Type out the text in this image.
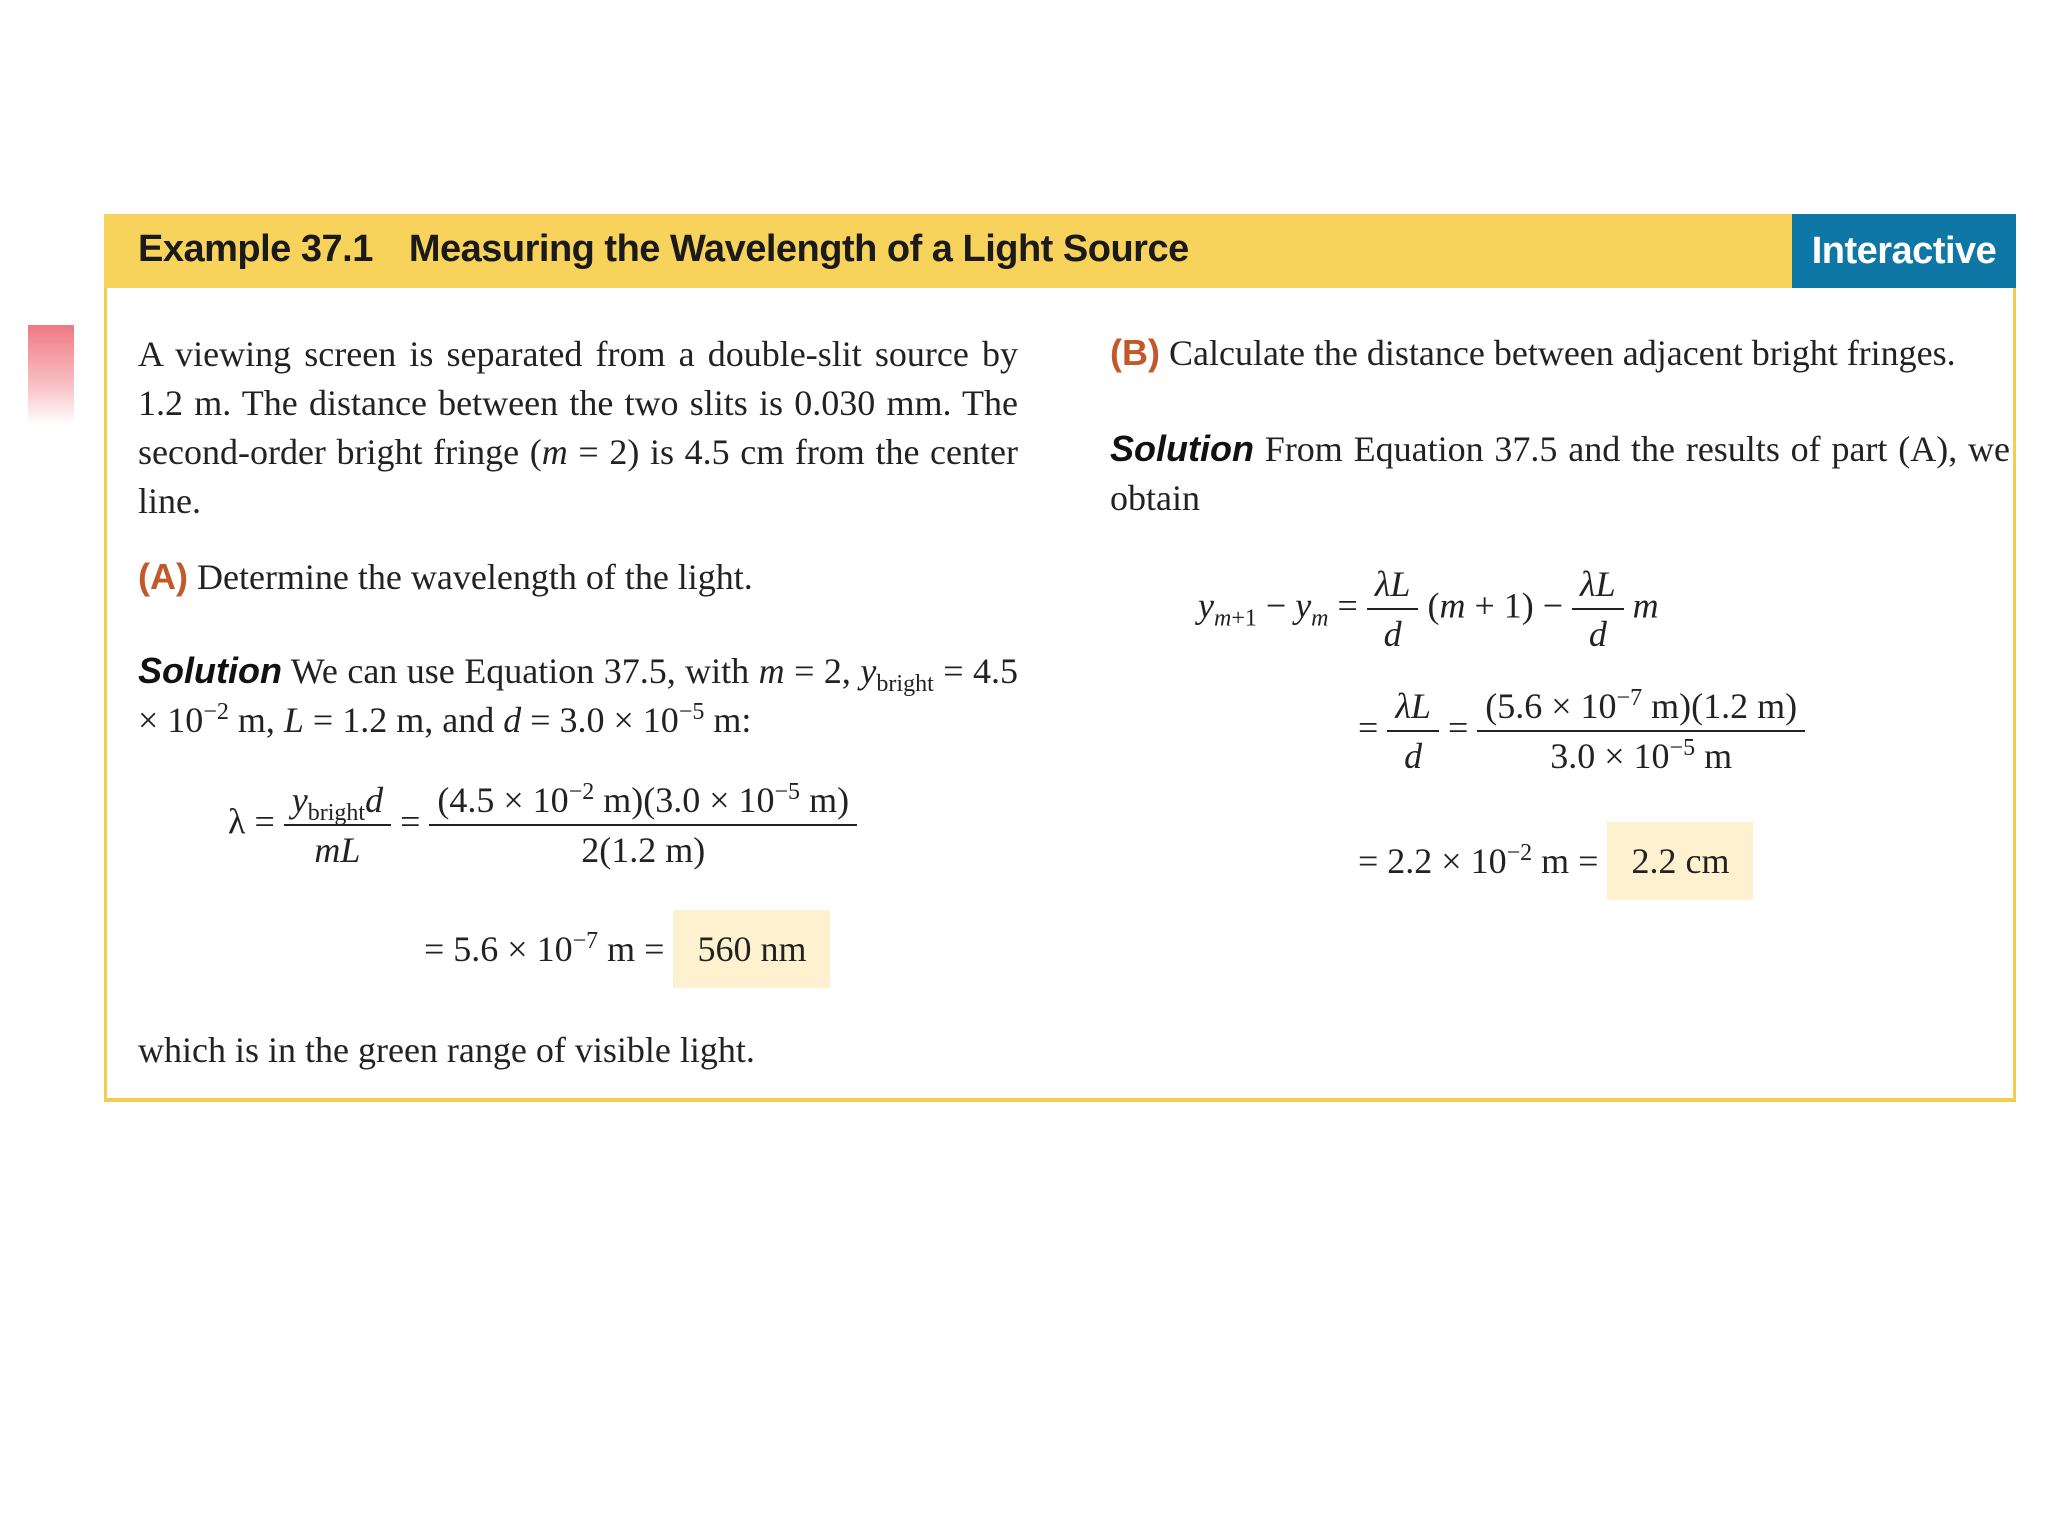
Example 37.1 Measuring the Wavelength of a Light Source	Interactive

A viewing screen is separated from a double-slit source by 1.2 m. The distance between the two slits is 0.030 mm. The second-order bright fringe (m = 2) is 4.5 cm from the center line.

(A) Determine the wavelength of the light.

Solution We can use Equation 37.5, with m = 2, $y_{bright} = 4.5 \times 10^{-2}$ m, L = 1.2 m, and $d = 3.0 \times 10^{-5}$ m:

$\lambda = \frac{y_{bright}d}{mL} = \frac{(4.5 \times 10^{-2} m)(3.0 \times 10^{-5} m)}{2(1.2 m)}$
= $5.6 \times 10^{-7}$ m = 560 nm

which is in the green range of visible light.

(B) Calculate the distance between adjacent bright fringes.

Solution From Equation 37.5 and the results of part (A), we obtain

$y_{m+1} - y_m = \frac{\lambda L}{d} (m + 1) - \frac{\lambda L}{d}$ m
= $\frac{\lambda L}{d} = \frac{(5.6 \times 10^{-7} m)(1.2 m)}{3.0 \times 10^{-5} m}$
= $2.2 \times 10^{-2}$ m = 2.2 cm
